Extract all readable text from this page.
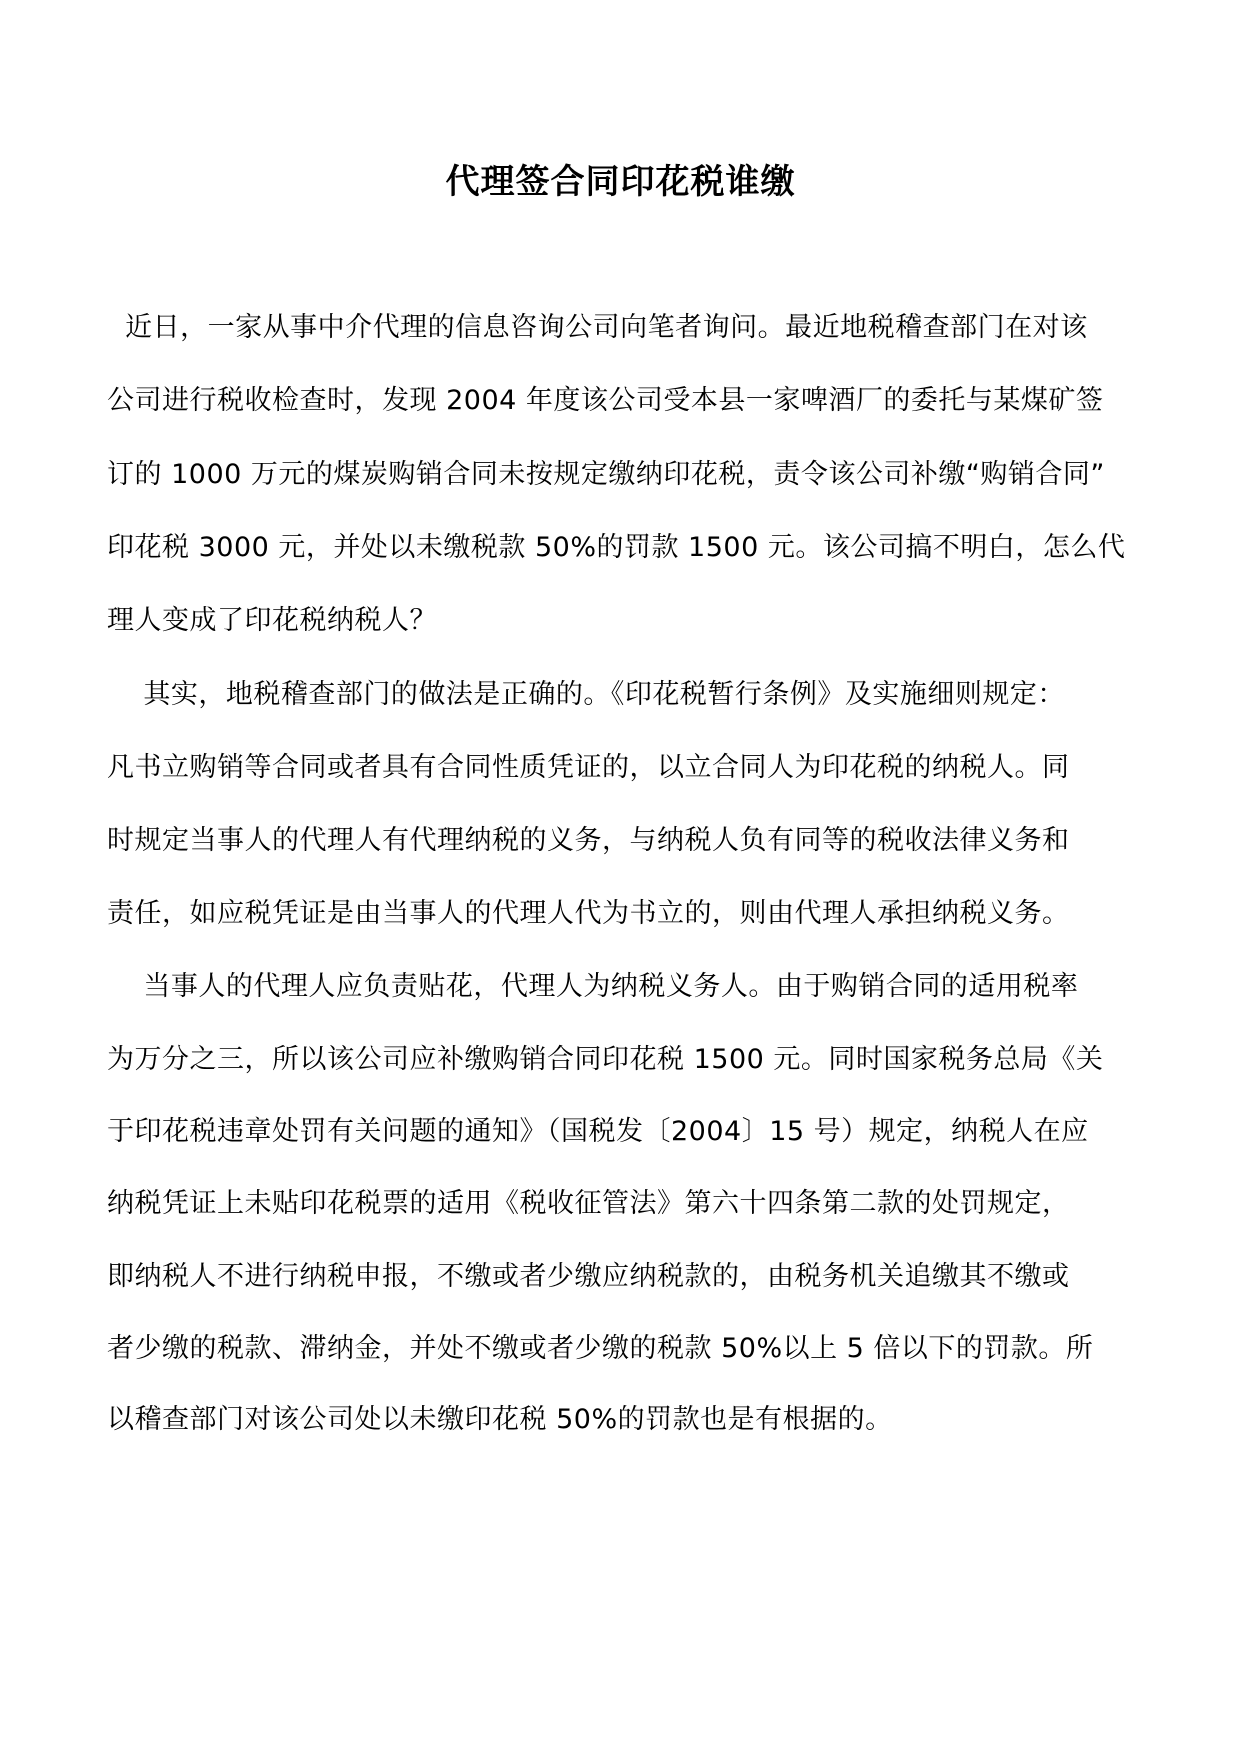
代理签合同印花税谁缴
近日，一家从事中介代理的信息咨询公司向笔者询问。最近地税稽查部门在对该
公司进行税收检查时，发现 2004 年度该公司受本县一家啤酒厂的委托与某煤矿签
订的 1000 万元的煤炭购销合同未按规定缴纳印花税，责令该公司补缴“购销合同”
印花税 3000 元，并处以未缴税款 50%的罚款 1500 元。该公司搞不明白，怎么代
理人变成了印花税纳税人？
其实，地税稽查部门的做法是正确的。《印花税暂行条例》及实施细则规定：
凡书立购销等合同或者具有合同性质凭证的，以立合同人为印花税的纳税人。同
时规定当事人的代理人有代理纳税的义务，与纳税人负有同等的税收法律义务和
责任，如应税凭证是由当事人的代理人代为书立的，则由代理人承担纳税义务。
当事人的代理人应负责贴花，代理人为纳税义务人。由于购销合同的适用税率
为万分之三，所以该公司应补缴购销合同印花税 1500 元。同时国家税务总局《关
于印花税违章处罚有关问题的通知》（国税发〔2004〕15 号）规定，纳税人在应
纳税凭证上未贴印花税票的适用《税收征管法》第六十四条第二款的处罚规定，
即纳税人不进行纳税申报，不缴或者少缴应纳税款的，由税务机关追缴其不缴或
者少缴的税款、滞纳金，并处不缴或者少缴的税款 50%以上 5 倍以下的罚款。所
以稽查部门对该公司处以未缴印花税 50%的罚款也是有根据的。
